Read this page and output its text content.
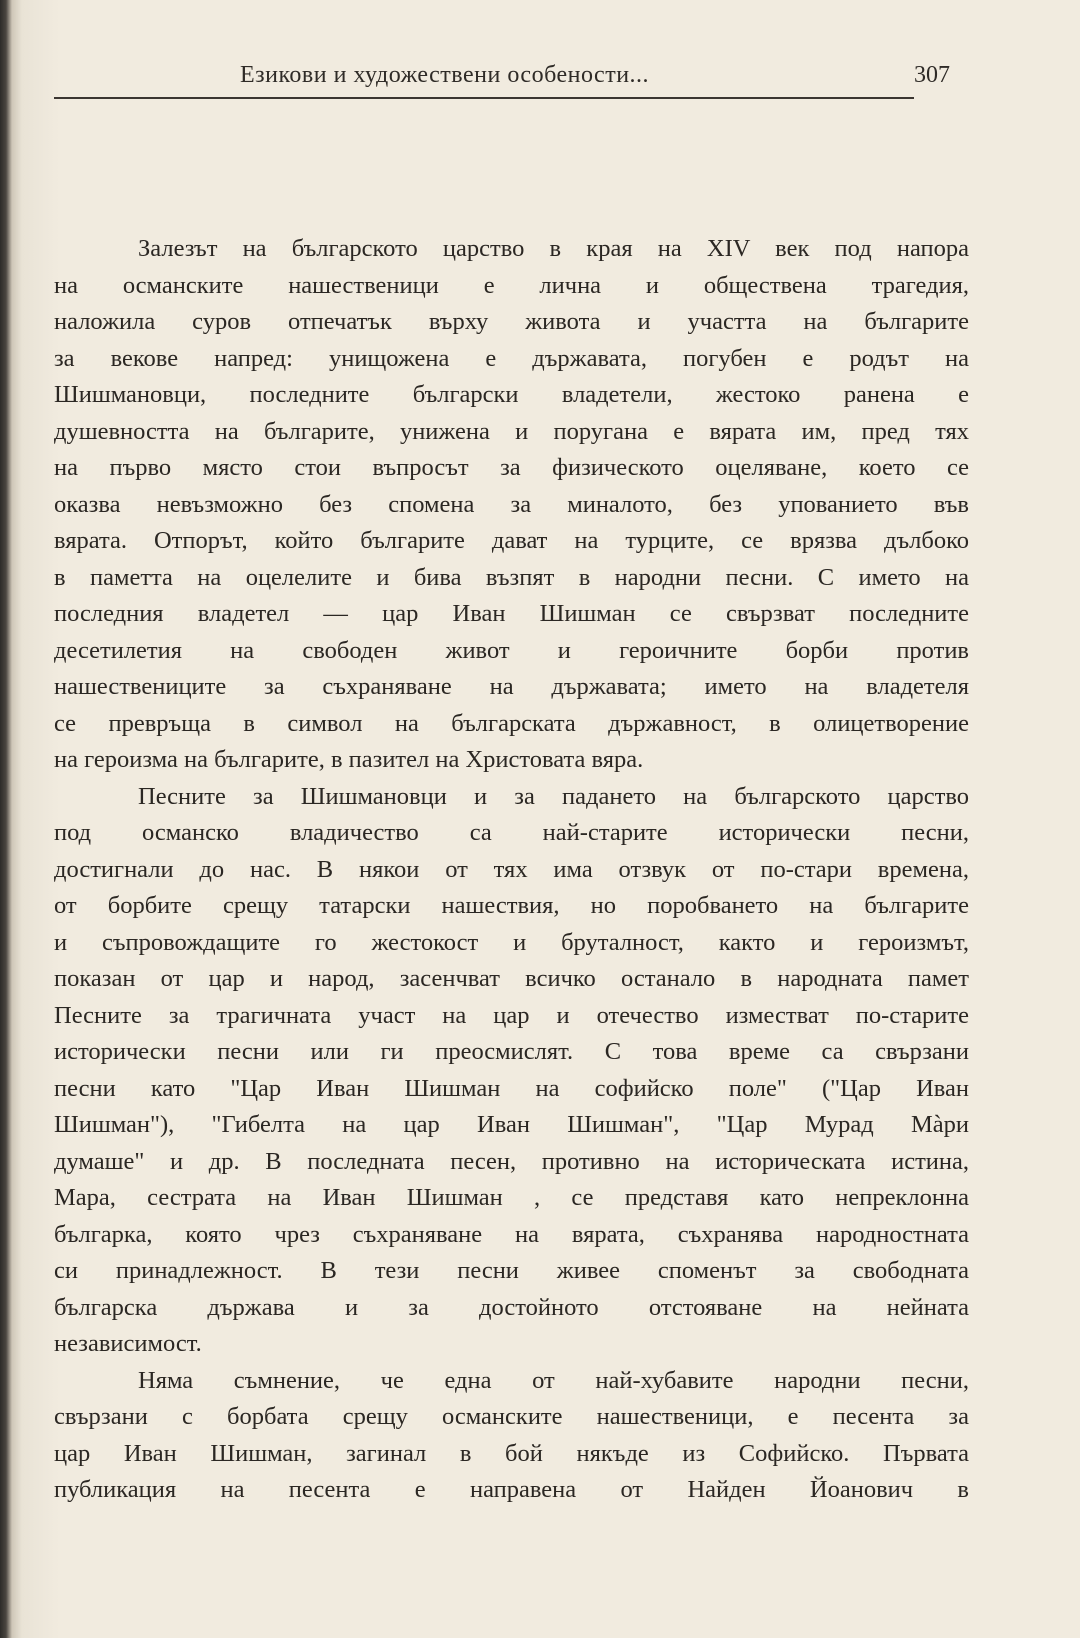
Езикови и художествени особености...	307
Залезът на българското царство в края на XIV век под напора
на османските нашественици е лична и обществена трагедия,
наложила суров отпечатък върху живота и участта на българите
за векове напред: унищожена е държавата, погубен е родът на
Шишмановци, последните български владетели, жестоко ранена е
душевността на българите, унижена и поругана е вярата им, пред тях
на първо място стои въпросът за физическото оцеляване, което се
оказва невъзможно без спомена за миналото, без упованието във
вярата. Отпорът, който българите дават на турците, се врязва дълбоко
в паметта на оцелелите и бива възпят в народни песни. С името на
последния владетел — цар Иван Шишман се свързват последните
десетилетия на свободен живот и героичните борби против
нашествениците за съхраняване на държавата; името на владетеля
се превръща в символ на българската държавност, в олицетворение
на героизма на българите, в пазител на Христовата вяра.
Песните за Шишмановци и за падането на българското царство
под османско владичество са най-старите исторически песни,
достигнали до нас. В някои от тях има отзвук от по-стари времена,
от борбите срещу татарски нашествия, но поробването на българите
и съпровождащите го жестокост и бруталност, както и героизмът,
показан от цар и народ, засенчват всичко останало в народната памет
Песните за трагичната участ на цар и отечество изместват по-старите
исторически песни или ги преосмислят. С това време са свързани
песни като "Цар Иван Шишман на софийско поле" ("Цар Иван
Шишман"), "Гибелта на цар Иван Шишман", "Цар Мурад Мàри
думаше" и др. В последната песен, противно на историческата истина,
Мара, сестрата на Иван Шишман , се представя като непреклонна
българка, която чрез съхраняване на вярата, съхранява народностната
си принадлежност. В тези песни живее споменът за свободната
българска държава и за достойното отстояване на нейната
независимост.
Няма съмнение, че една от най-хубавите народни песни,
свързани с борбата срещу османските нашественици, е песента за
цар Иван Шишман, загинал в бой някъде из Софийско. Първата
публикация на песента е направена от Найден Йоанович в
